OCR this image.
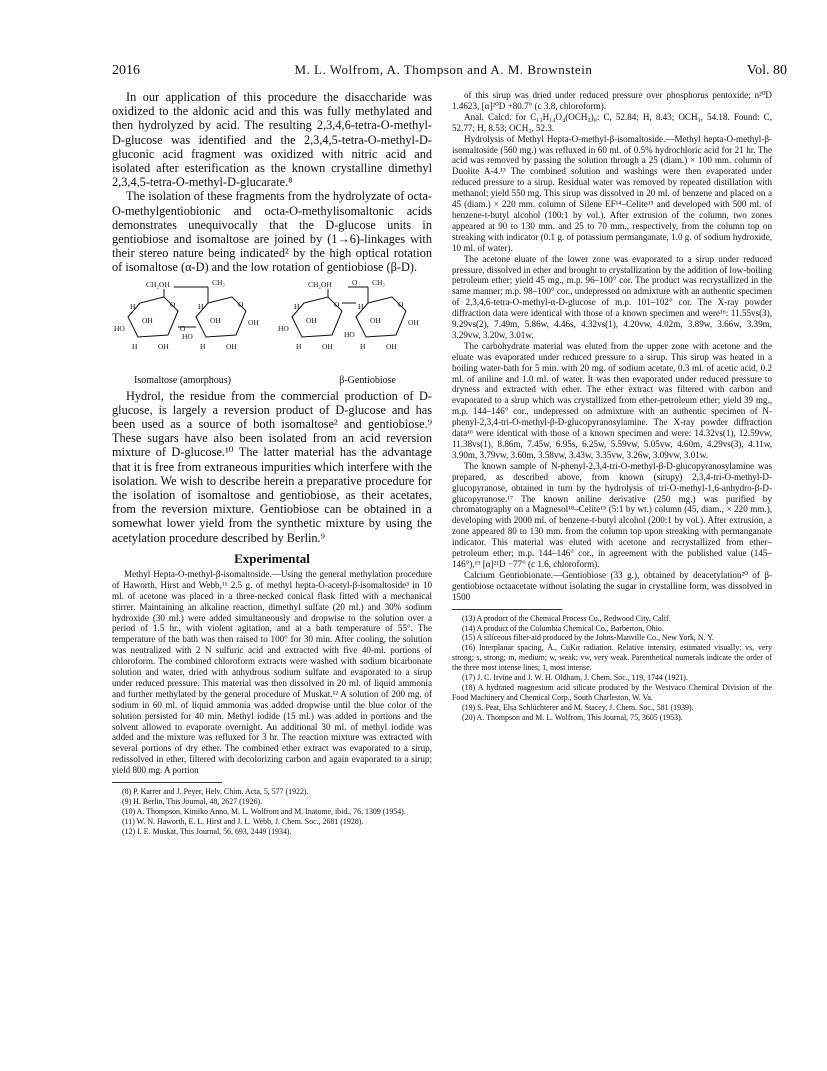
2016	M. L. Wolfrom, A. Thompson and A. M. Brownstein	Vol. 80

In our application of this procedure the disaccharide was oxidized to the aldonic acid and this was fully methylated and then hydrolyzed by acid. The resulting 2,3,4,6-tetra-O-methyl-D-glucose was identified and the 2,3,4,5-tetra-O-methyl-D-gluconic acid fragment was oxidized with nitric acid and isolated after esterification as the known crystalline dimethyl 2,3,4,5-tetra-O-methyl-D-glucarate.⁸

The isolation of these fragments from the hydrolyzate of octa-O-methylgentiobionic and octa-O-methylisomaltonic acids demonstrates unequivocally that the D-glucose units in gentiobiose and isomaltose are joined by (1→6)-linkages with their stereo nature being indicated² by the high optical rotation of isomaltose (α-D) and the low rotation of gentiobiose (β-D).

CH₂OH	CH₂
O	O
O
H
OH
HO
H	OH
H
OH
HO
OH
H	OH
CH₂OH	O CH₂
O	O
H
OH
HO
H	OH
H
OH
HO
OH
H	OH
Isomaltose (amorphous)	β-Gentiobiose

Hydrol, the residue from the commercial production of D-glucose, is largely a reversion product of D-glucose and has been used as a source of both isomaltose² and gentiobiose.⁹ These sugars have also been isolated from an acid reversion mixture of D-glucose.¹⁰ The latter material has the advantage that it is free from extraneous impurities which interfere with the isolation. We wish to describe herein a preparative procedure for the isolation of isomaltose and gentiobiose, as their acetates, from the reversion mixture. Gentiobiose can be obtained in a somewhat lower yield from the synthetic mixture by using the acetylation procedure described by Berlin.⁹

Experimental

Methyl Hepta-O-methyl-β-isomaltoside.—Using the general methylation procedure of Haworth, Hirst and Webb,¹¹ 2.5 g. of methyl hepta-O-acetyl-β-isomaltoside³ in 10 ml. of acetone was placed in a three-necked conical flask fitted with a mechanical stirrer. Maintaining an alkaline reaction, dimethyl sulfate (20 ml.) and 30% sodium hydroxide (30 ml.) were added simultaneously and dropwise to the solution over a period of 1.5 hr., with violent agitation, and at a bath temperature of 55°. The temperature of the bath was then raised to 100° for 30 min. After cooling, the solution was neutralized with 2 N sulfuric acid and extracted with five 40-ml. portions of chloroform. The combined chloroform extracts were washed with sodium bicarbonate solution and water, dried with anhydrous sodium sulfate and evaporated to a sirup under reduced pressure. This material was then dissolved in 20 ml. of liquid ammonia and further methylated by the general procedure of Muskat.¹² A solution of 200 mg. of sodium in 60 ml. of liquid ammonia was added dropwise until the blue color of the solution persisted for 40 min. Methyl iodide (15 ml.) was added in portions and the solvent allowed to evaporate overnight. An additional 30 ml. of methyl iodide was added and the mixture was refluxed for 3 hr. The reaction mixture was extracted with several portions of dry ether. The combined ether extract was evaporated to a sirup, redissolved in ether, filtered with decolorizing carbon and again evaporated to a sirup; yield 800 mg. A portion

(8) P. Karrer and J. Peyer, Helv. Chim. Acta, 5, 577 (1922).

(9) H. Berlin, This Journal, 48, 2627 (1926).

(10) A. Thompson, Kimiko Anno, M. L. Wolfrom and M. Inatome, ibid., 76, 1309 (1954).

(11) W. N. Haworth, E. L. Hirst and J. L. Webb, J. Chem. Soc., 2681 (1928).

(12) I. E. Muskat, This Journal, 56, 693, 2449 (1934).

of this sirup was dried under reduced pressure over phosphorus pentoxide; n²⁰D 1.4623, [α]²⁰D +80.7° (c 3.8, chloroform).

Anal. Calcd. for C₁₃H₁₄O₄(OCH₃)₈: C, 52.84; H, 8.43; OCH₃, 54.18. Found: C, 52.77; H, 8.53; OCH₃, 52.3.

Hydrolysis of Methyl Hepta-O-methyl-β-isomaltoside.—Methyl hepta-O-methyl-β-isomaltoside (560 mg.) was refluxed in 60 ml. of 0.5% hydrochloric acid for 21 hr. The acid was removed by passing the solution through a 25 (diam.) × 100 mm. column of Duolite A-4.¹³ The combined solution and washings were then evaporated under reduced pressure to a sirup. Residual water was removed by repeated distillation with methanol; yield 550 mg. This sirup was dissolved in 20 ml. of benzene and placed on a 45 (diam.) × 220 mm. column of Silene EF¹⁴–Celite¹⁵ and developed with 500 ml. of benzene-t-butyl alcohol (100:1 by vol.). After extrusion of the column, two zones appeared at 90 to 130 mm. and 25 to 70 mm., respectively, from the column top on streaking with indicator (0.1 g. of potassium permanganate, 1.0 g. of sodium hydroxide, 10 ml. of water).

The acetone eluate of the lower zone was evaporated to a sirup under reduced pressure, dissolved in ether and brought to crystallization by the addition of low-boiling petroleum ether; yield 45 mg., m.p. 96–100° cor. The product was recrystallized in the same manner; m.p. 98–100° cor., undepressed on admixture with an authentic specimen of 2,3,4,6-tetra-O-methyl-α-D-glucose of m.p. 101–102° cor. The X-ray powder diffraction data were identical with those of a known specimen and were¹⁶: 11.55vs(3), 9.29vs(2), 7.49m, 5.86w, 4.46s, 4.32vs(1), 4.20vw, 4.02m, 3.89w, 3.66w, 3.39m, 3.29vw, 3.20w, 3.01w.

The carbohydrate material was eluted from the upper zone with acetone and the eluate was evaporated under reduced pressure to a sirup. This sirup was heated in a boiling water-bath for 5 min. with 20 mg. of sodium acetate, 0.3 ml. of acetic acid, 0.2 ml. of aniline and 1.0 ml. of water. It was then evaporated under reduced pressure to dryness and extracted with ether. The ether extract was filtered with carbon and evaporated to a sirup which was crystallized from ether-petroleum ether; yield 39 mg., m.p. 144–146° cor., undepressed on admixture with an authentic specimen of N-phenyl-2,3,4-tri-O-methyl-β-D-glucopyranosylamine. The X-ray powder diffraction data¹⁶ were identical with those of a known specimen and were: 14.32vs(1), 12.59vw, 11.38vs(1), 8.86m, 7.45w, 6.95s, 6.25w, 5.59vw, 5.05vw, 4.60m, 4.29vs(3), 4.11w, 3.90m, 3.79vw, 3.60m, 3.58vw, 3.43w, 3.35vw, 3.26w, 3.09vw, 3.01w.

The known sample of N-phenyl-2,3,4-tri-O-methyl-β-D-glucopyranosylamine was prepared, as described above, from known (sirupy) 2,3,4-tri-O-methyl-D-glucopyranose, obtained in turn by the hydrolysis of tri-O-methyl-1,6-anhydro-β-D-glucopyranose.¹⁷ The known aniline derivative (250 mg.) was purified by chromatography on a Magnesol¹⁸–Celite¹⁵ (5:1 by wt.) column (45, diam., × 220 mm.), developing with 2000 ml. of benzene-t-butyl alcohol (200:1 by vol.). After extrusion, a zone appeared 80 to 130 mm. from the column top upon streaking with permanganate indicator. This material was eluted with acetone and recrystallized from ether–petroleum ether; m.p. 144–146° cor., in agreement with the published value (145–146°),¹⁹ [α]²¹D −77° (c 1.6, chloroform).

Calcium Gentiobionate.—Gentiobiose (33 g.), obtained by deacetylation²⁰ of β-gentiobiose octaacetate without isolating the sugar in crystalline form, was dissolved in 1500

(13) A product of the Chemical Process Co., Redwood City, Calif.

(14) A product of the Columbia Chemical Co., Barberton, Ohio.

(15) A siliceous filter-aid produced by the Johns-Manville Co., New York, N. Y.

(16) Interplanar spacing, Å., CuKα radiation. Relative intensity, estimated visually: vs, very strong; s, strong; m, medium; w, weak; vw, very weak. Parenthetical numerals indicate the order of the three most intense lines; 1, most intense.

(17) J. C. Irvine and J. W. H. Oldham, J. Chem. Soc., 119, 1744 (1921).

(18) A hydrated magnesium acid silicate produced by the Westvaco Chemical Division of the Food Machinery and Chemical Corp., South Charleston, W. Va.

(19) S. Peat, Elsa Schlüchterer and M. Stacey, J. Chem. Soc., 581 (1939).

(20) A. Thompson and M. L. Wolfrom, This Journal, 75, 3605 (1953).
